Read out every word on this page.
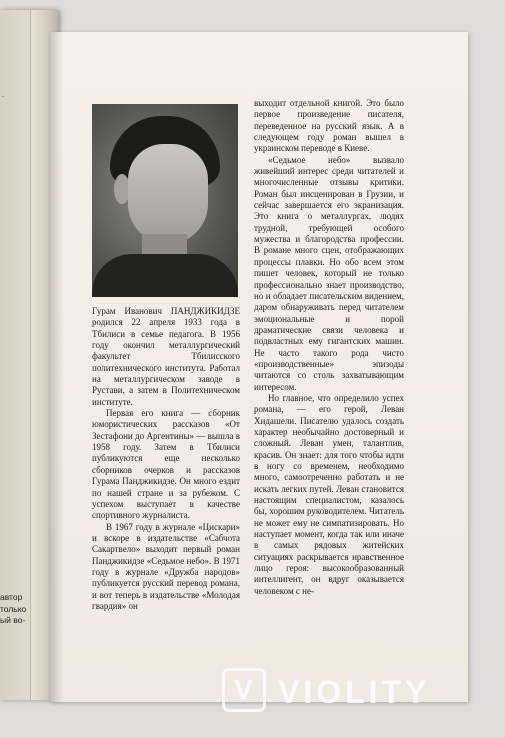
.
автор
только
ый во-

Гурам Иванович ПАНДЖИКИДЗЕ родился 22 апреля 1933 года в Тбилиси в семье педагога. В 1956 году окончил металлургический факультет Тбилисского политехнического института. Работал на металлургическом заводе в Рустави, а затем в Политехническом институте.

Первая его книга — сборник юмористических рассказов «От Зестафони до Аргентины» — вышла в 1958 году. Затем в Тбилиси публикуются еще несколько сборников очерков и рассказов Гурама Панджикидзе. Он много ездит по нашей стране и за рубежом. С успехом выступает в качестве спортивного журналиста.

В 1967 году в журнале «Цискари» и вскоре в издательстве «Сабчота Сакартвело» выходит первый роман Панджикидзе «Седьмое небо». В 1971 году в журнале «Дружба народов» публикуется русский перевод романа, и вот теперь в издательстве «Молодая гвардия» он

выходит отдельной книгой. Это было первое произведение писателя, переведенное на русский язык. А в следующем году роман вышел в украинском переводе в Киеве.

«Седьмое небо» вызвало живейший интерес среди читателей и многочисленные отзывы критики. Роман был инсценирован в Грузии, и сейчас завершается его экранизация. Это книга о металлургах, людях трудной, требующей особого мужества и благородства профессии. В романе много сцен, отображающих процессы плавки. Но обо всем этом пишет человек, который не только профессионально знает производство, но и обладает писательским видением, даром обнаруживать перед читателем эмоциональные и порой драматические связи человека и подвластных ему гигантских машин. Не часто такого рода чисто «производственные» эпизоды читаются со столь захватывающим интересом.

Но главное, что определило успех романа, — его герой, Леван Хидашели. Писателю удалось создать характер необычайно достоверный и сложный. Леван умен, талантлив, красив. Он знает: для того чтобы идти в ногу со временем, необходимо много, самоотреченно работать и не искать легких путей. Леван становится настоящим специалистом, казалось бы, хорошим руководителем. Читатель не может ему не симпатизировать. Но наступает момент, когда так или иначе в самых рядовых житейских ситуациях раскрывается нравственное лицо героя: высокообразованный интеллигент, он вдруг оказывается человеком с не-

V VIOLITY
